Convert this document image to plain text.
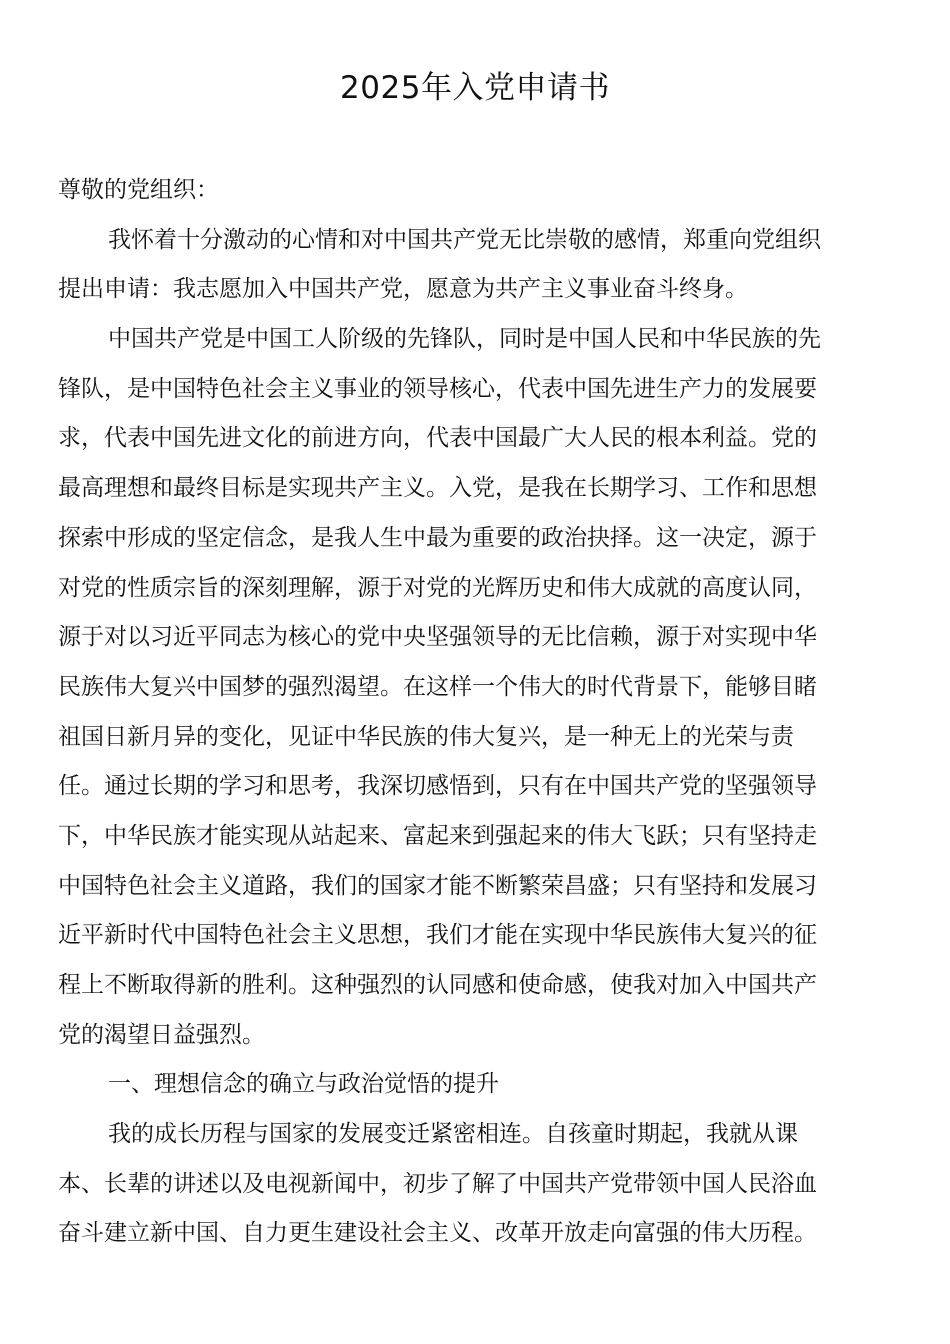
2025年入党申请书
尊敬的党组织：
我怀着十分激动的心情和对中国共产党无比崇敬的感情，郑重向党组织
提出申请：我志愿加入中国共产党，愿意为共产主义事业奋斗终身。
中国共产党是中国工人阶级的先锋队，同时是中国人民和中华民族的先
锋队，是中国特色社会主义事业的领导核心，代表中国先进生产力的发展要
求，代表中国先进文化的前进方向，代表中国最广大人民的根本利益。党的
最高理想和最终目标是实现共产主义。入党，是我在长期学习、工作和思想
探索中形成的坚定信念，是我人生中最为重要的政治抉择。这一决定，源于
对党的性质宗旨的深刻理解，源于对党的光辉历史和伟大成就的高度认同，
源于对以习近平同志为核心的党中央坚强领导的无比信赖，源于对实现中华
民族伟大复兴中国梦的强烈渴望。在这样一个伟大的时代背景下，能够目睹
祖国日新月异的变化，见证中华民族的伟大复兴，是一种无上的光荣与责
任。通过长期的学习和思考，我深切感悟到，只有在中国共产党的坚强领导
下，中华民族才能实现从站起来、富起来到强起来的伟大飞跃；只有坚持走
中国特色社会主义道路，我们的国家才能不断繁荣昌盛；只有坚持和发展习
近平新时代中国特色社会主义思想，我们才能在实现中华民族伟大复兴的征
程上不断取得新的胜利。这种强烈的认同感和使命感，使我对加入中国共产
党的渴望日益强烈。
一、理想信念的确立与政治觉悟的提升
我的成长历程与国家的发展变迁紧密相连。自孩童时期起，我就从课
本、长辈的讲述以及电视新闻中，初步了解了中国共产党带领中国人民浴血
奋斗建立新中国、自力更生建设社会主义、改革开放走向富强的伟大历程。
